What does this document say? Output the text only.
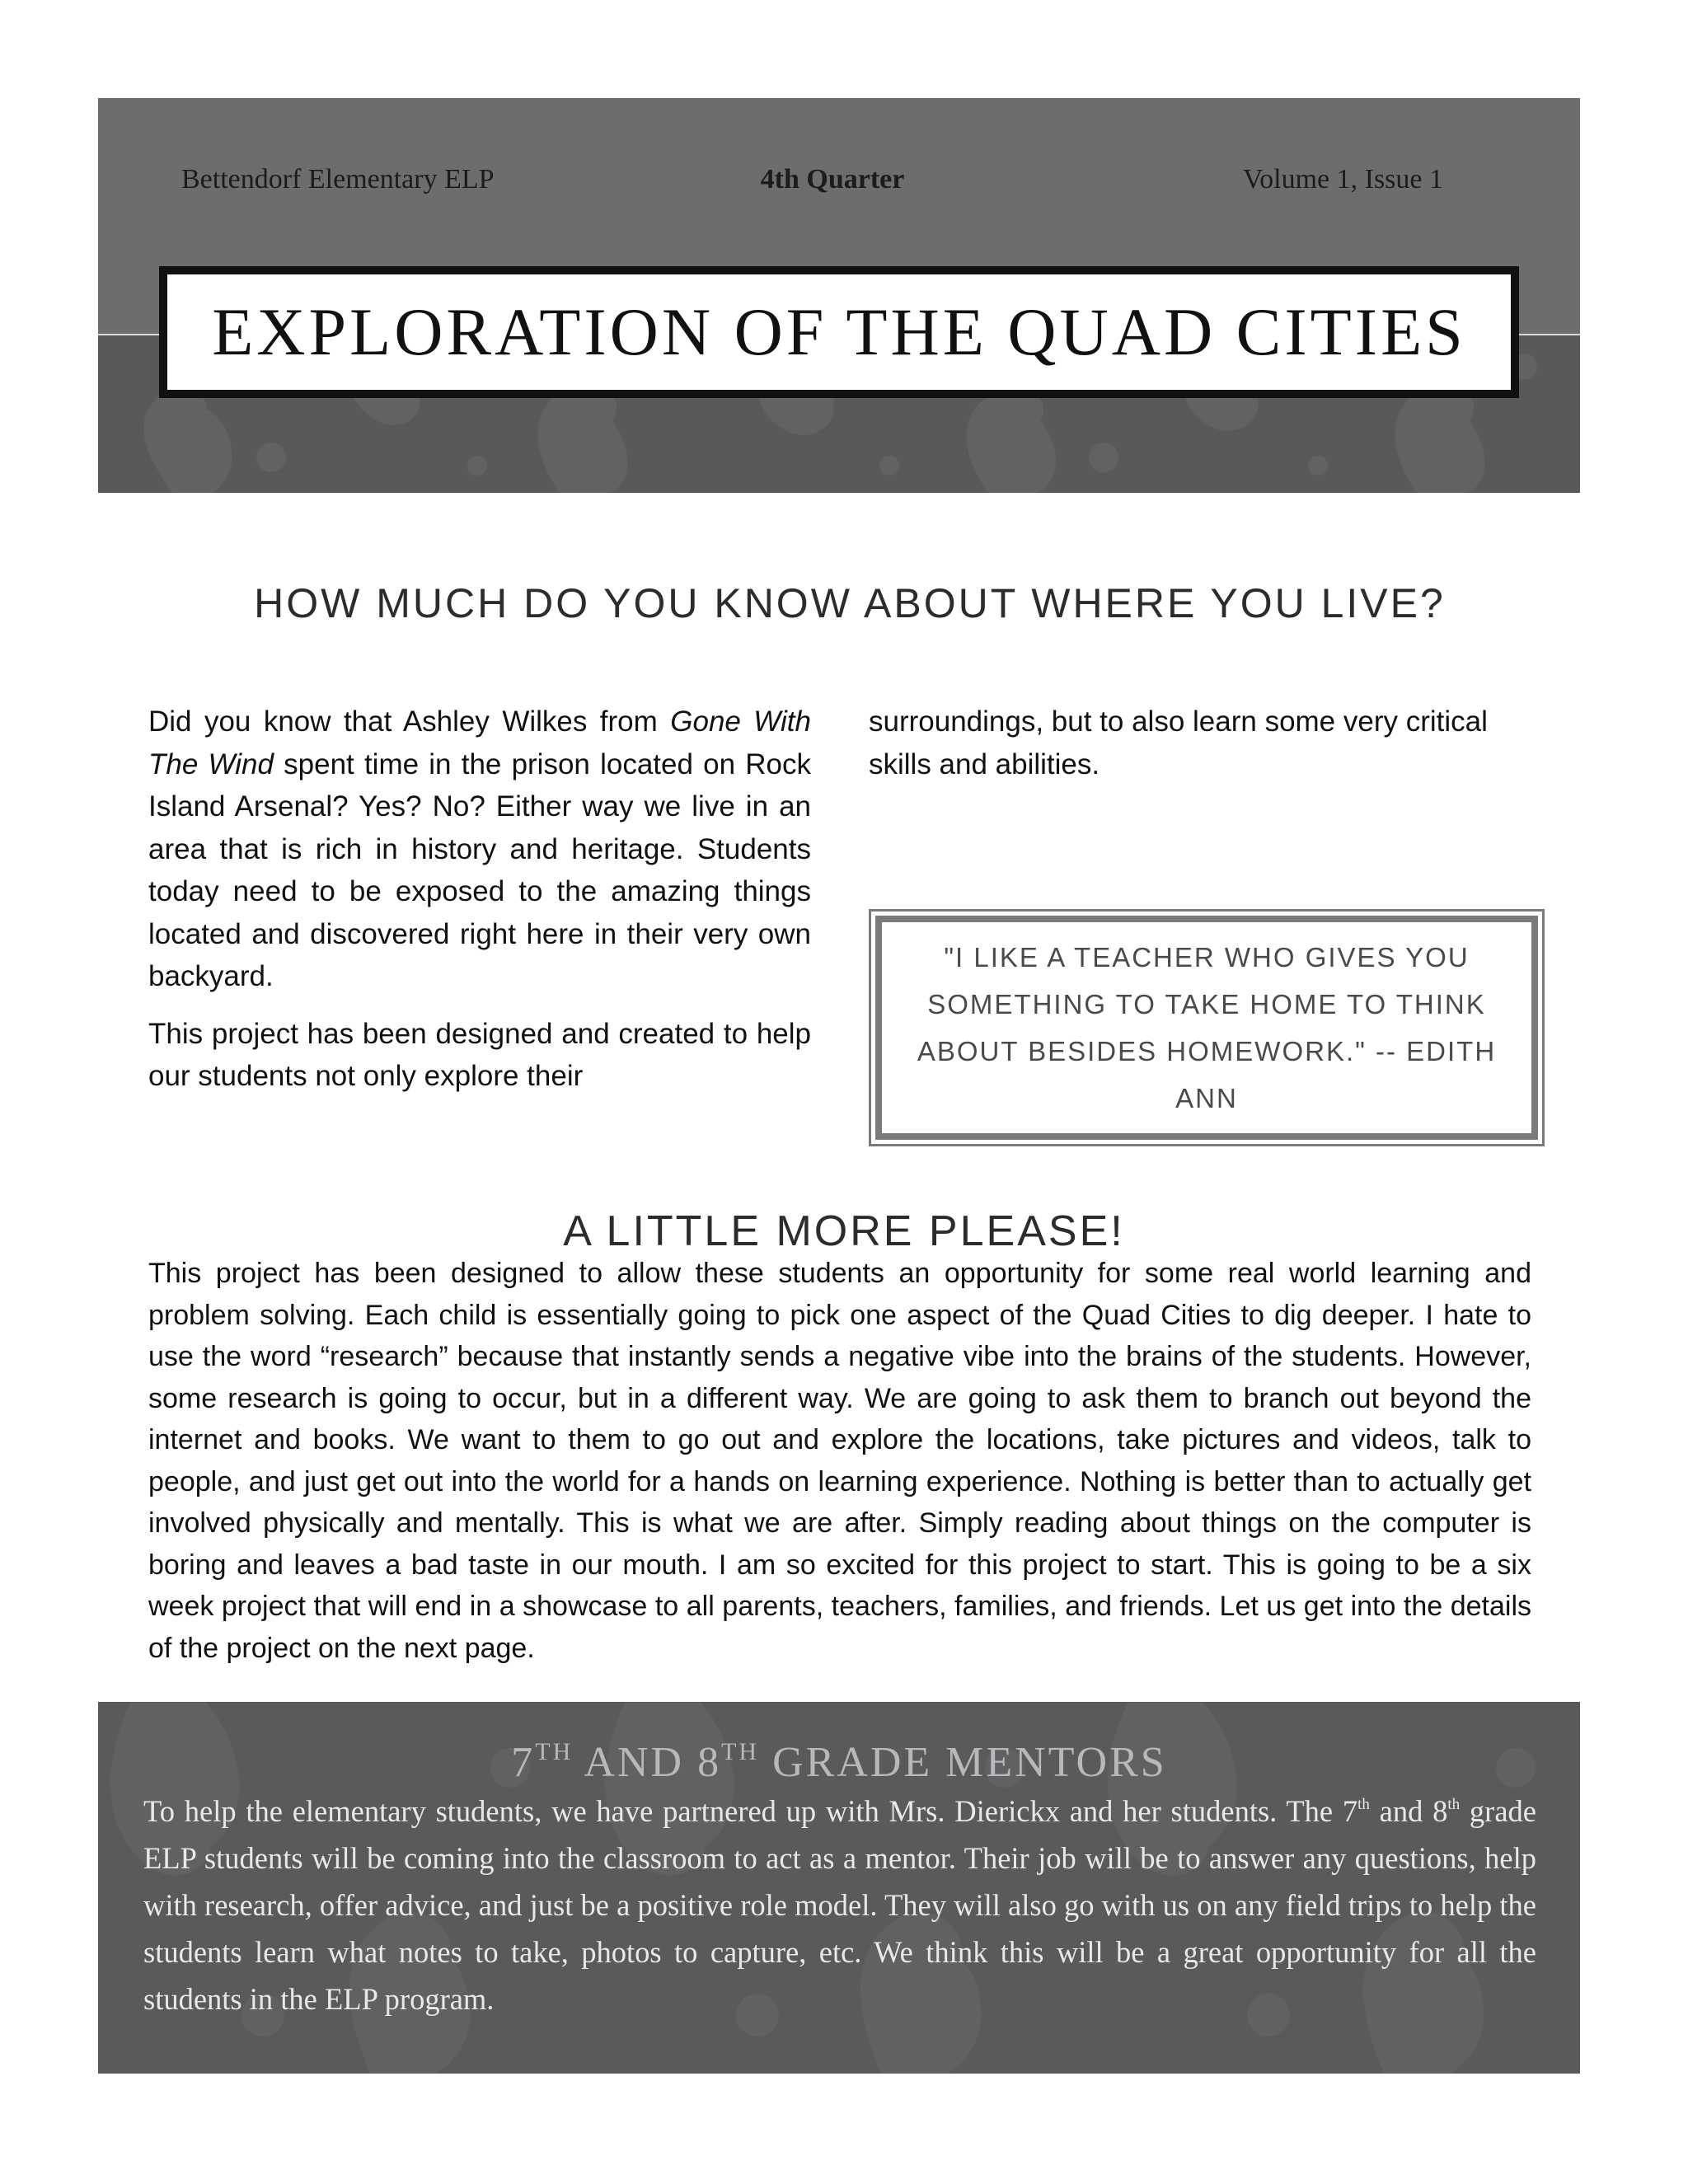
Bettendorf Elementary ELP	4th Quarter	Volume 1, Issue 1
EXPLORATION OF THE QUAD CITIES
HOW MUCH DO YOU KNOW ABOUT WHERE YOU LIVE?

Did you know that Ashley Wilkes from Gone With The Wind spent time in the prison located on Rock Island Arsenal? Yes? No? Either way we live in an area that is rich in history and heritage. Students today need to be exposed to the amazing things located and discovered right here in their very own backyard.

This project has been designed and created to help our students not only explore their

surroundings, but to also learn some very critical skills and abilities.

"I LIKE A TEACHER WHO GIVES YOU SOMETHING TO TAKE HOME TO THINK ABOUT BESIDES HOMEWORK." -- EDITH ANN
A LITTLE MORE PLEASE!

This project has been designed to allow these students an opportunity for some real world learning and problem solving. Each child is essentially going to pick one aspect of the Quad Cities to dig deeper. I hate to use the word “research” because that instantly sends a negative vibe into the brains of the students. However, some research is going to occur, but in a different way. We are going to ask them to branch out beyond the internet and books. We want to them to go out and explore the locations, take pictures and videos, talk to people, and just get out into the world for a hands on learning experience. Nothing is better than to actually get involved physically and mentally. This is what we are after. Simply reading about things on the computer is boring and leaves a bad taste in our mouth. I am so excited for this project to start. This is going to be a six week project that will end in a showcase to all parents, teachers, families, and friends. Let us get into the details of the project on the next page.

7TH AND 8TH GRADE MENTORS

To help the elementary students, we have partnered up with Mrs. Dierickx and her students. The 7th and 8th grade ELP students will be coming into the classroom to act as a mentor. Their job will be to answer any questions, help with research, offer advice, and just be a positive role model. They will also go with us on any field trips to help the students learn what notes to take, photos to capture, etc. We think this will be a great opportunity for all the students in the ELP program.
